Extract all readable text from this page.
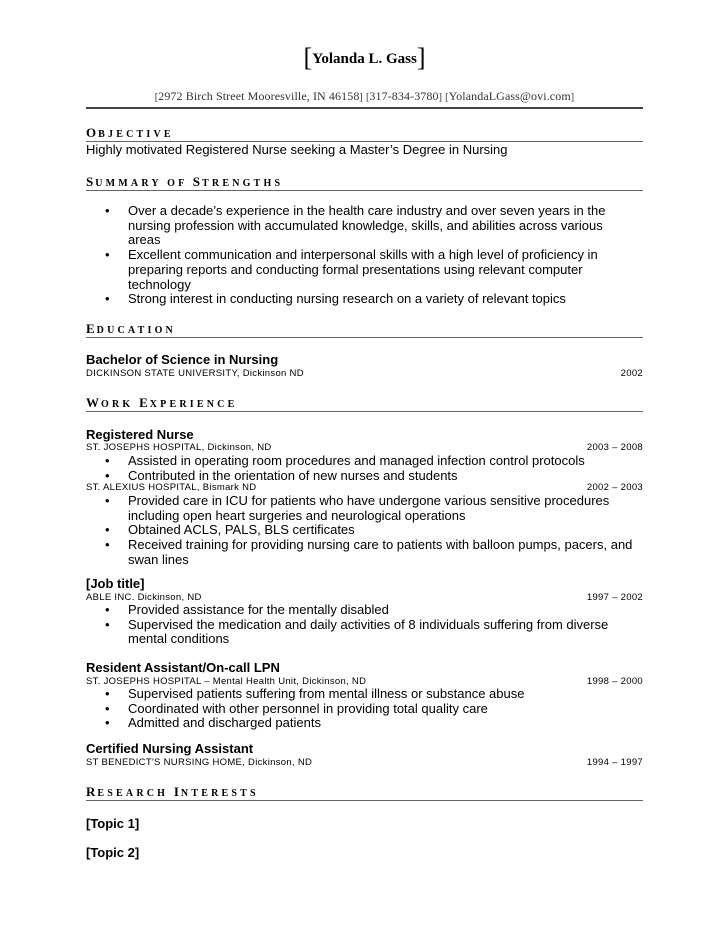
[Yolanda L. Gass]
[2972 Birch Street Mooresville, IN 46158] [317-834-3780] [YolandaLGass@ovi.com]
OBJECTIVE
Highly motivated Registered Nurse seeking a Master’s Degree in Nursing
SUMMARY OF STRENGTHS
• Over a decade’s experience in the health care industry and over seven years in the nursing profession with accumulated knowledge, skills, and abilities across various areas
• Excellent communication and interpersonal skills with a high level of proficiency in preparing reports and conducting formal presentations using relevant computer technology
• Strong interest in conducting nursing research on a variety of relevant topics
EDUCATION
Bachelor of Science in Nursing
DICKINSON STATE UNIVERSITY, Dickinson ND	2002
WORK EXPERIENCE
Registered Nurse
ST. JOSEPHS HOSPITAL, Dickinson, ND	2003 – 2008
• Assisted in operating room procedures and managed infection control protocols
• Contributed in the orientation of new nurses and students
ST. ALEXIUS HOSPITAL, Bismark ND	2002 – 2003
• Provided care in ICU for patients who have undergone various sensitive procedures including open heart surgeries and neurological operations
• Obtained ACLS, PALS, BLS certificates
• Received training for providing nursing care to patients with balloon pumps, pacers, and swan lines
[Job title]
ABLE INC. Dickinson, ND	1997 – 2002
• Provided assistance for the mentally disabled
• Supervised the medication and daily activities of 8 individuals suffering from diverse mental conditions
Resident Assistant/On-call LPN
ST. JOSEPHS HOSPITAL – Mental Health Unit, Dickinson, ND	1998 – 2000
• Supervised patients suffering from mental illness or substance abuse
• Coordinated with other personnel in providing total quality care
• Admitted and discharged patients
Certified Nursing Assistant
ST BENEDICT'S NURSING HOME, Dickinson, ND	1994 – 1997
RESEARCH INTERESTS
[Topic 1]
[Topic 2]
